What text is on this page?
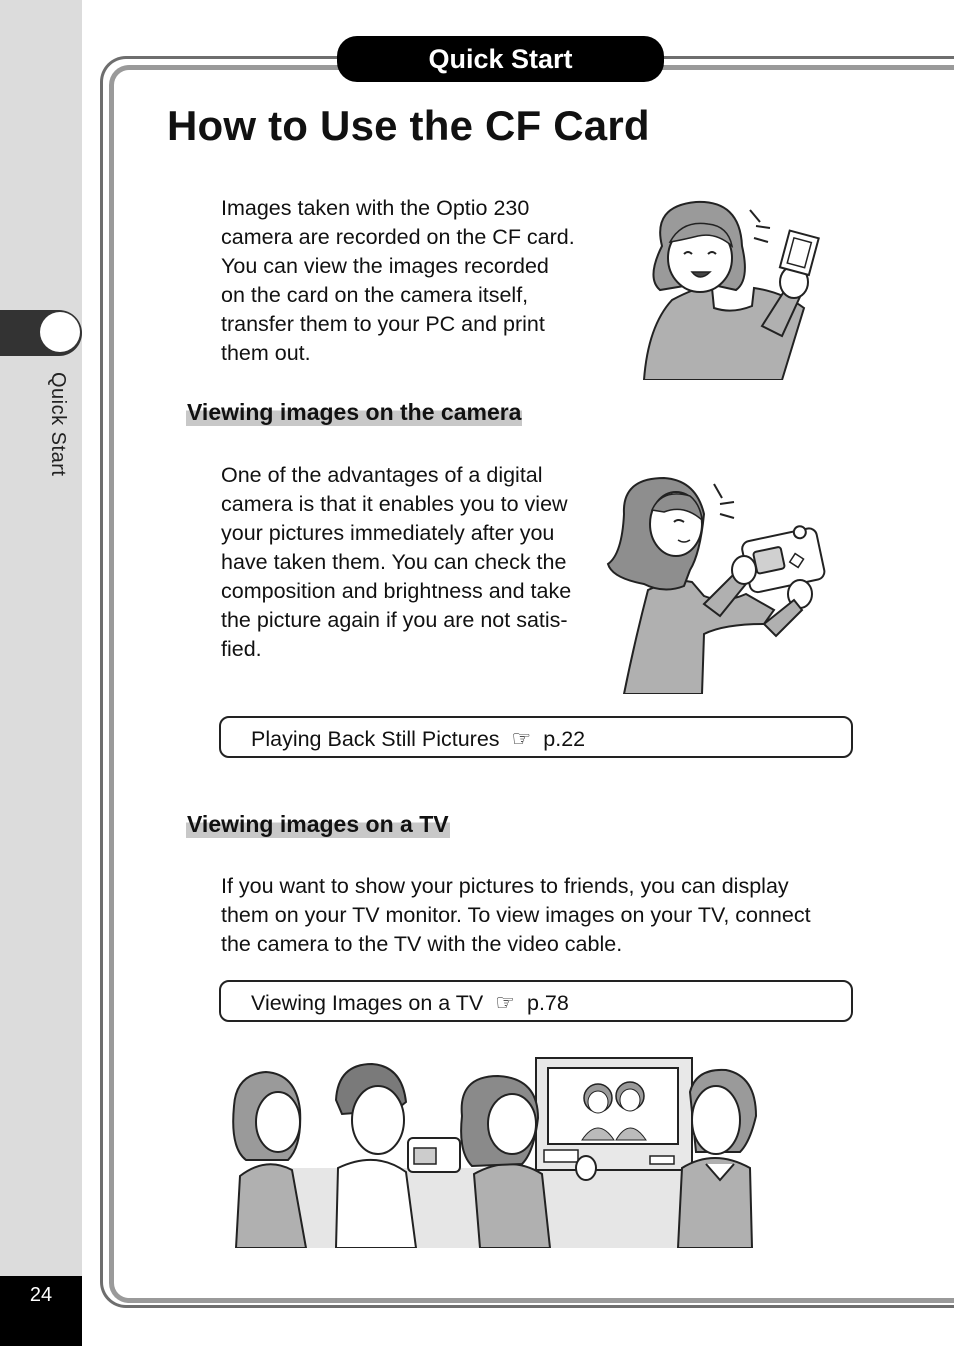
Quick Start
24
Quick Start
How to Use the CF Card
Images taken with the Optio 230
camera are recorded on the CF card.
You can view the images recorded
on the card on the camera itself,
transfer them to your PC and print
them out.
Viewing images on the camera
One of the advantages of a digital
camera is that it enables you to view
your pictures immediately after you
have taken them. You can check the
composition and brightness and take
the picture again if you are not satis-
fied.
Playing Back Still Pictures ☞ p.22
Viewing images on a TV
If you want to show your pictures to friends, you can display
them on your TV monitor. To view images on your TV, connect
the camera to the TV with the video cable.
Viewing Images on a TV ☞ p.78
